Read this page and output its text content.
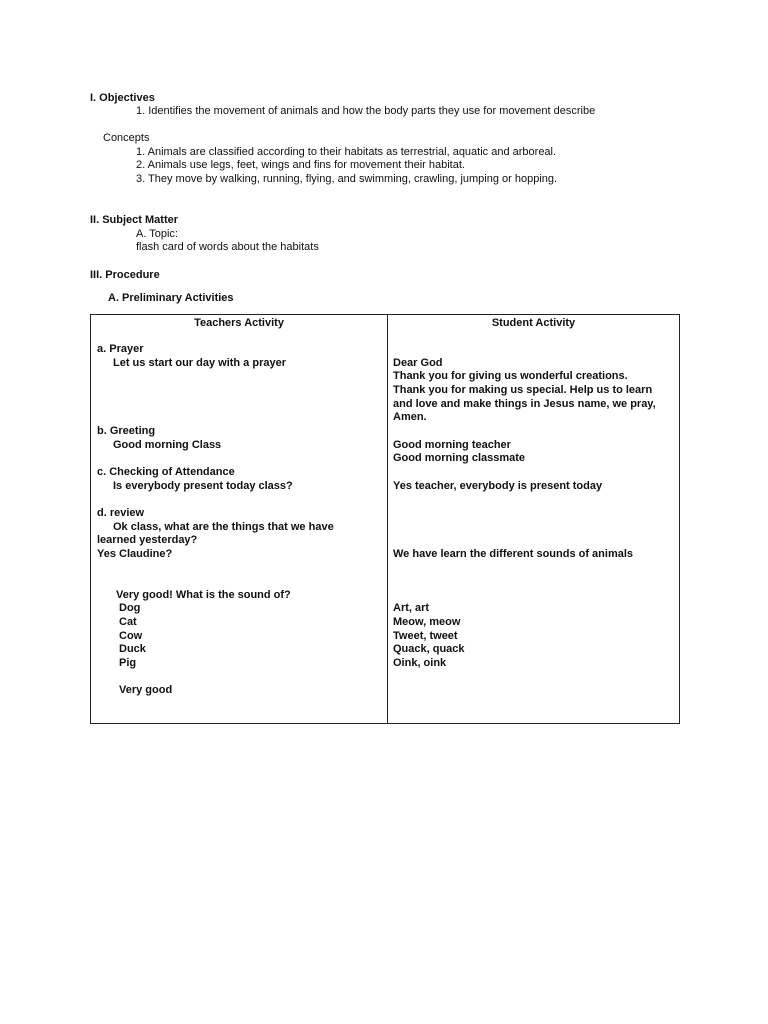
I. Objectives
1. Identifies the movement of animals and how the body parts they use for movement describe
Concepts
1. Animals are classified according to their habitats as terrestrial, aquatic and arboreal.
2. Animals use legs, feet, wings and fins for movement their habitat.
3. They move by walking, running, flying, and swimming, crawling, jumping or hopping.
II. Subject Matter
A. Topic:
flash card of words about the habitats
III. Procedure
A. Preliminary Activities
Teachers Activity	Student Activity
a. Prayer
Let us start our day with a prayer
b. Greeting
Good morning Class
c. Checking of Attendance
Is everybody present today class?
d. review
Ok class, what are the things that we have
learned yesterday?
Yes Claudine?
Very good! What is the sound of?
Dog
Cat
Cow
Duck
Pig
Very good
Dear God
Thank you for giving us wonderful creations.
Thank you for making us special. Help us to learn
and love and make things in Jesus name, we pray,
Amen.
Good morning teacher
Good morning classmate
Yes teacher, everybody is present today
We have learn the different sounds of animals
Art, art
Meow, meow
Tweet, tweet
Quack, quack
Oink, oink
